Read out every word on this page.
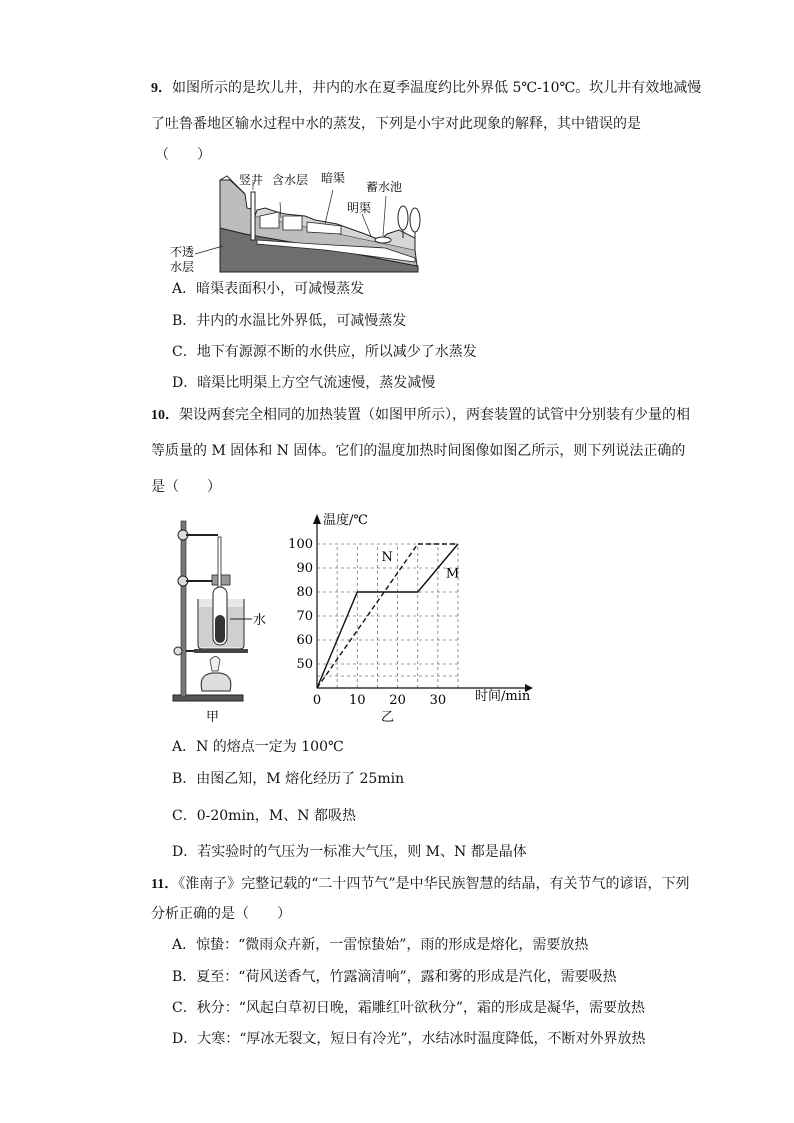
9．如图所示的是坎儿井，井内的水在夏季温度约比外界低 5℃-10℃。坎儿井有效地减慢
了吐鲁番地区输水过程中水的蒸发，下列是小宇对此现象的解释，其中错误的是
（　　）
竖井 含水层 暗渠
明渠
蓄水池
不透
水层
A．暗渠表面积小，可减慢蒸发
B．井内的水温比外界低，可减慢蒸发
C．地下有源源不断的水供应，所以减少了水蒸发
D．暗渠比明渠上方空气流速慢，蒸发减慢
10．架设两套完全相同的加热装置（如图甲所示），两套装置的试管中分别装有少量的相
等质量的 M 固体和 N 固体。它们的温度加热时间图像如图乙所示，则下列说法正确的
是（　　）
水
甲
0 10 20 30
50
60
70
80
90
100
M
N
温度/℃
时间/min
乙
A．N 的熔点一定为 100℃
B．由图乙知，M 熔化经历了 25min
C．0-20min，M、N 都吸热
D．若实验时的气压为一标准大气压，则 M、N 都是晶体
11．《淮南子》完整记载的“二十四节气”是中华民族智慧的结晶，有关节气的谚语，下列
分析正确的是（　　）
A．惊蛰：“微雨众卉新，一雷惊蛰始”，雨的形成是熔化，需要放热
B．夏至：“荷风送香气，竹露滴清响”，露和雾的形成是汽化，需要吸热
C．秋分：“风起白草初日晚，霜雕红叶欲秋分”，霜的形成是凝华，需要放热
D．大寒：“厚冰无裂文，短日有冷光”，水结冰时温度降低，不断对外界放热
